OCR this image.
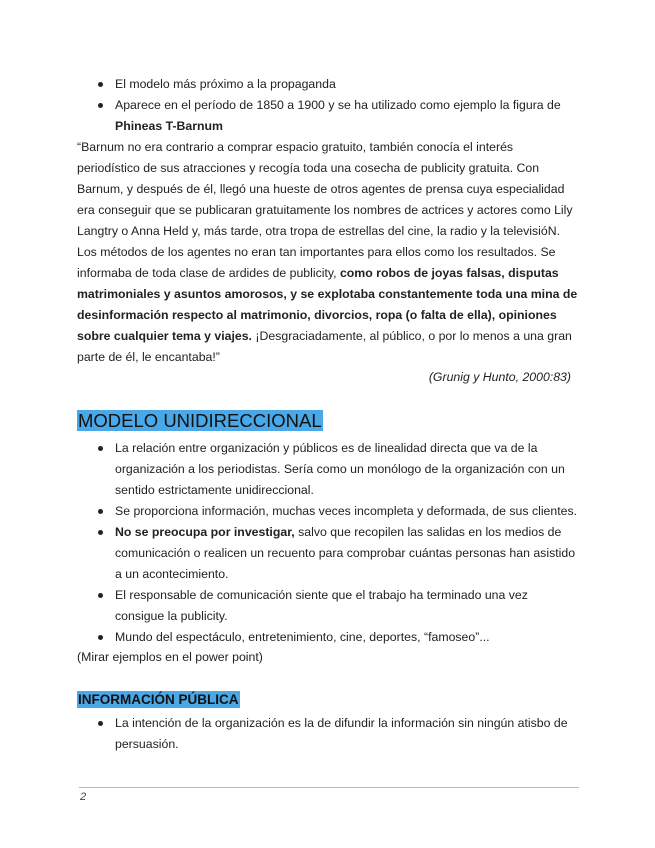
El modelo más próximo a la propaganda
Aparece en el período de 1850 a 1900 y se ha utilizado como ejemplo la figura de
Phineas T-Barnum

“Barnum no era contrario a comprar espacio gratuito, también conocía el interés periodístico de sus atracciones y recogía toda una cosecha de publicity gratuita. Con Barnum, y después de él, llegó una hueste de otros agentes de prensa cuya especialidad era conseguir que se publicaran gratuitamente los nombres de actrices y actores como Lily Langtry o Anna Held y, más tarde, otra tropa de estrellas del cine, la radio y la televisióN. Los métodos de los agentes no eran tan importantes para ellos como los resultados. Se informaba de toda clase de ardides de publicity, como robos de joyas falsas, disputas matrimoniales y asuntos amorosos, y se explotaba constantemente toda una mina de desinformación respecto al matrimonio, divorcios, ropa (o falta de ella), opiniones sobre cualquier tema y viajes. ¡Desgraciadamente, al público, o por lo menos a una gran parte de él, le encantaba!”

(Grunig y Hunto, 2000:83)
MODELO UNIDIRECCIONAL
La relación entre organización y públicos es de linealidad directa que va de la organización a los periodistas. Sería como un monólogo de la organización con un sentido estrictamente unidireccional.
Se proporciona información, muchas veces incompleta y deformada, de sus clientes.
No se preocupa por investigar, salvo que recopilen las salidas en los medios de comunicación o realicen un recuento para comprobar cuántas personas han asistido a un acontecimiento.
El responsable de comunicación siente que el trabajo ha terminado una vez consigue la publicity.
Mundo del espectáculo, entretenimiento, cine, deportes, “famoseo”...
(Mirar ejemplos en el power point)
INFORMACIÓN PÚBLICA
La intención de la organización es la de difundir la información sin ningún atisbo de persuasión.
2
